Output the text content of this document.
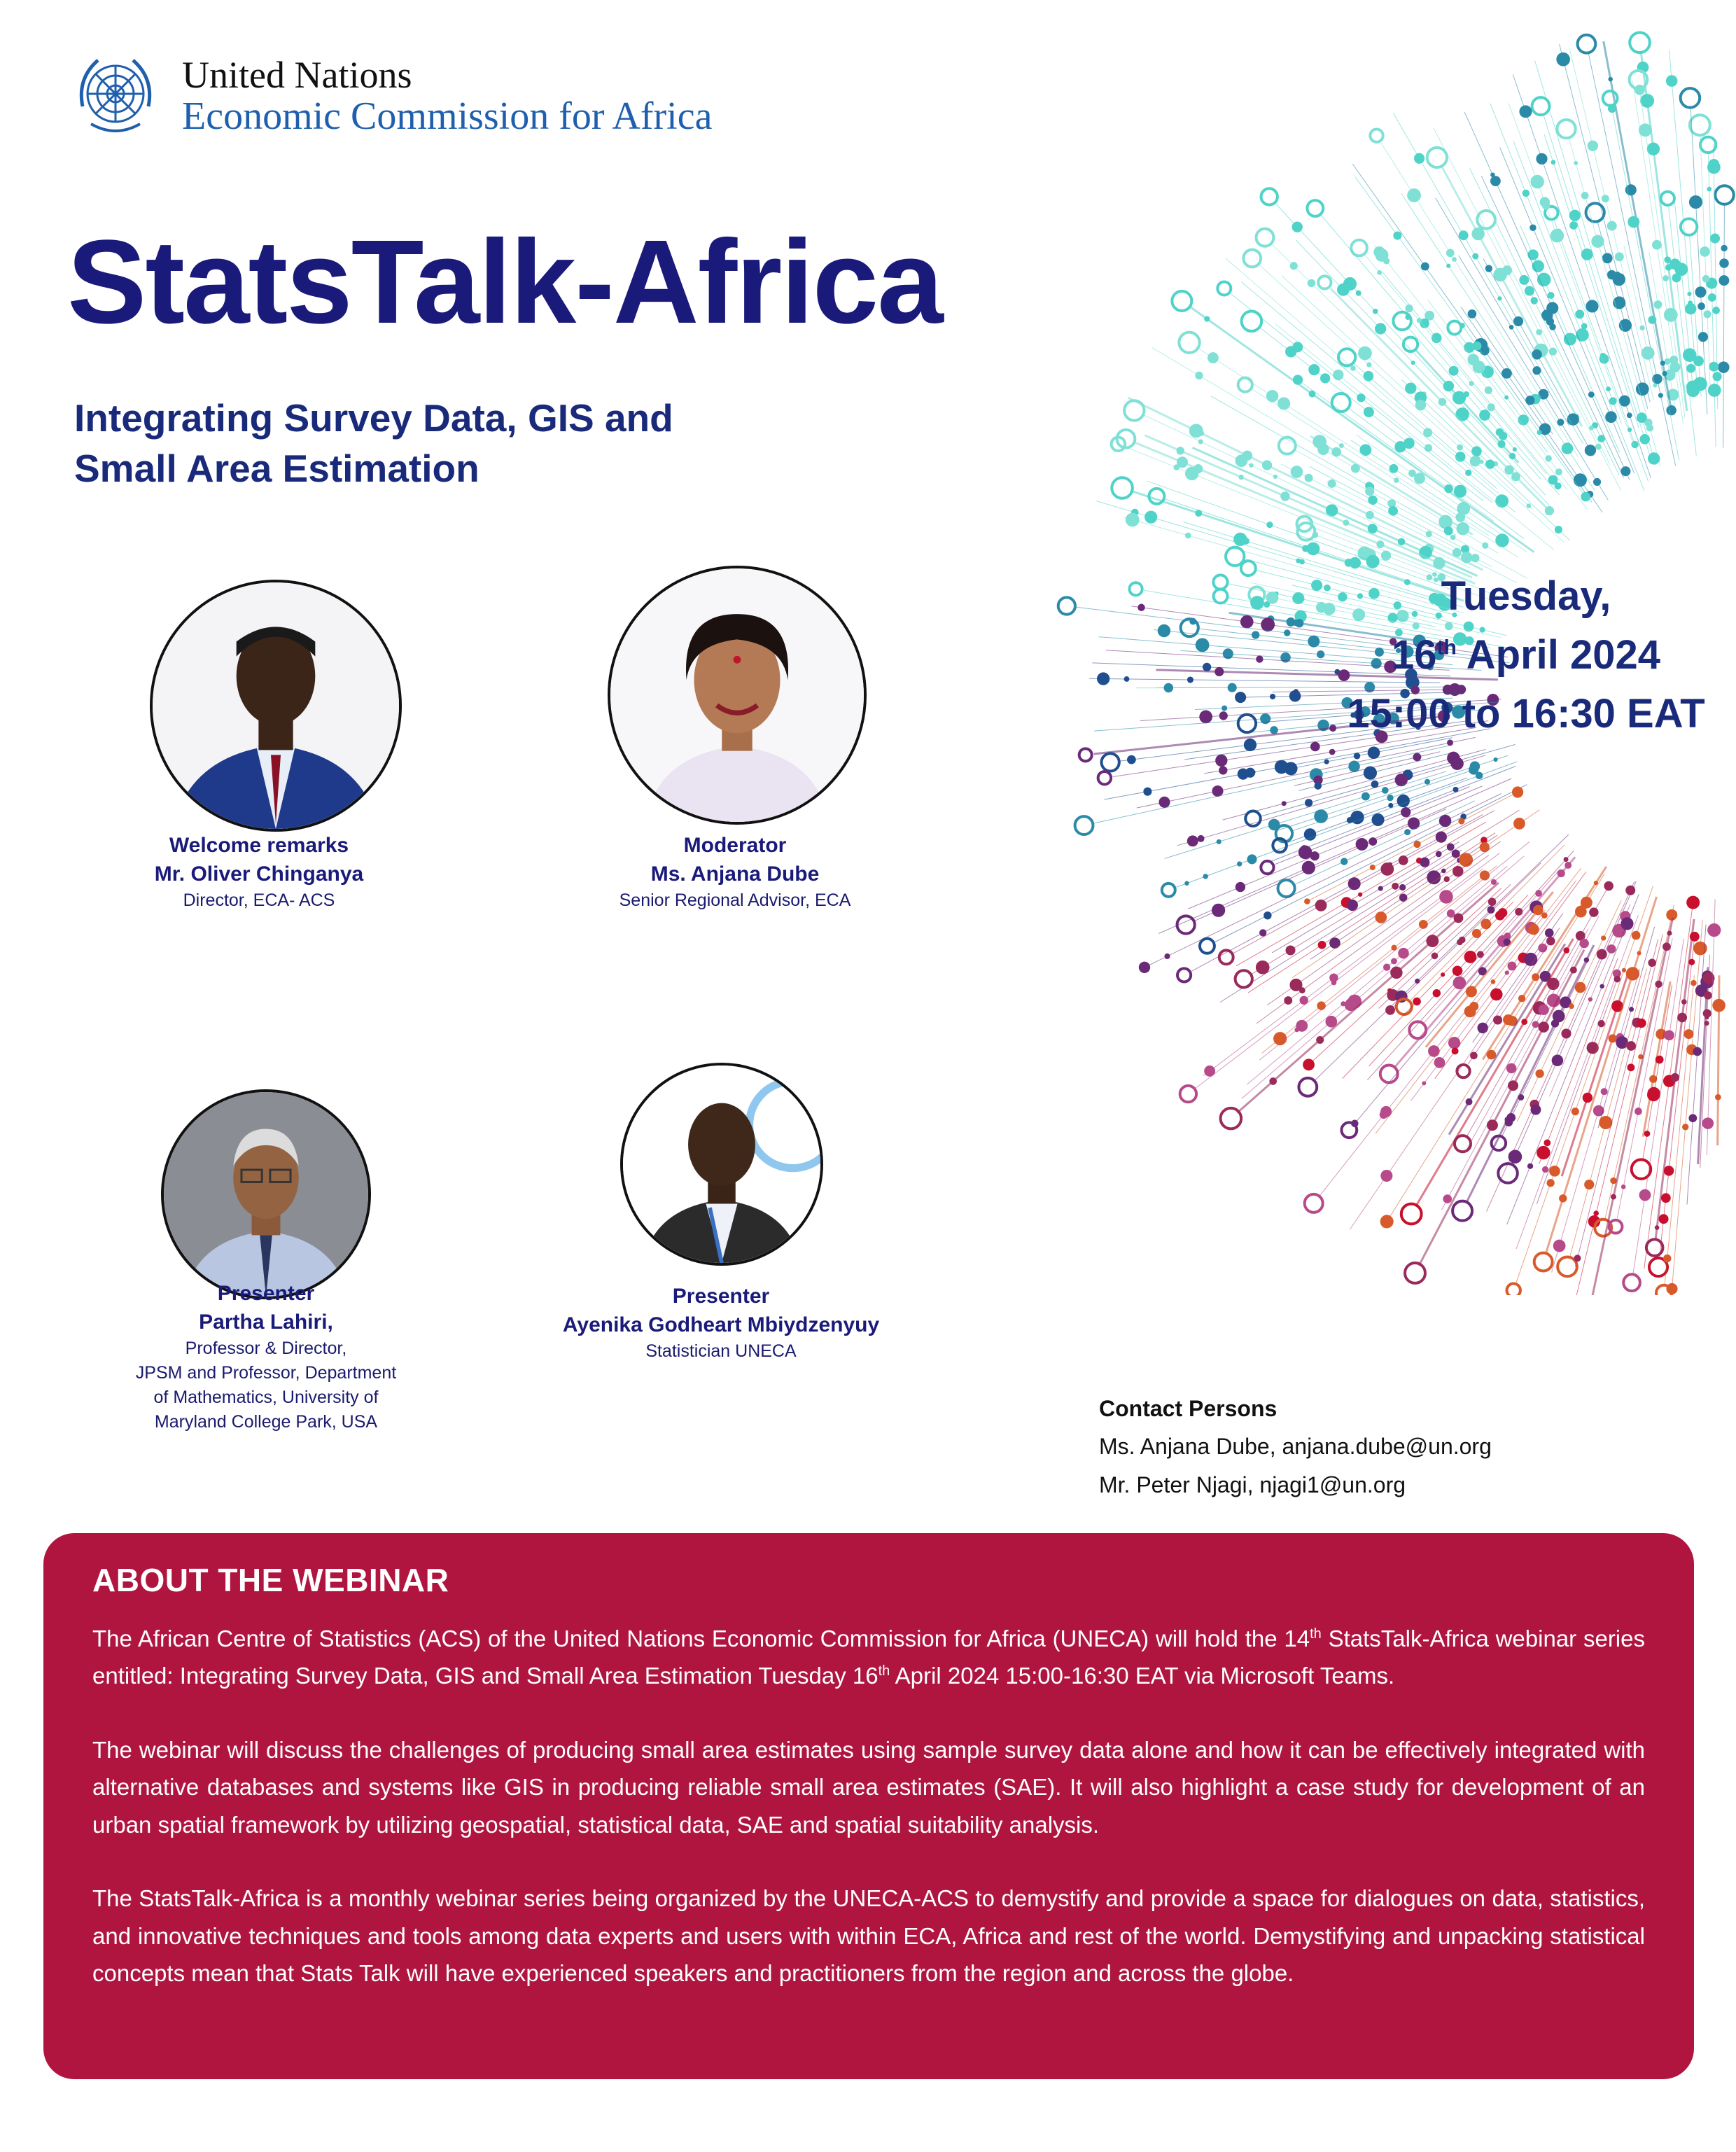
United Nations
Economic Commission for Africa
StatsTalk-Africa
Integrating Survey Data, GIS and
Small Area Estimation
Tuesday,
16th April 2024
15:00 to 16:30 EAT
Welcome remarks
Mr. Oliver Chinganya
Director, ECA- ACS
Moderator
Ms. Anjana Dube
Senior Regional Advisor, ECA
Presenter
Partha Lahiri,
Professor & Director,
JPSM and Professor, Department
of Mathematics, University of
Maryland College Park, USA
Presenter
Ayenika Godheart Mbiydzenyuy
Statistician UNECA
Contact Persons
Ms. Anjana Dube, anjana.dube@un.org
Mr. Peter Njagi, njagi1@un.org
ABOUT THE WEBINAR

The African Centre of Statistics (ACS) of the United Nations Economic Commission for Africa (UNECA) will hold the 14th StatsTalk-Africa webinar series entitled: Integrating Survey Data, GIS and Small Area Estimation Tuesday 16th April 2024 15:00-16:30 EAT via Microsoft Teams.

The webinar will discuss the challenges of producing small area estimates using sample survey data alone and how it can be effectively integrated with alternative databases and systems like GIS in producing reliable small area estimates (SAE). It will also highlight a case study for development of an urban spatial framework by utilizing geospatial, statistical data, SAE and spatial suitability analysis.

The StatsTalk-Africa is a monthly webinar series being organized by the UNECA-ACS to demystify and provide a space for dialogues on data, statistics, and innovative techniques and tools among data experts and users with within ECA, Africa and rest of the world. Demystifying and unpacking statistical concepts mean that Stats Talk will have experienced speakers and practitioners from the region and across the globe.
